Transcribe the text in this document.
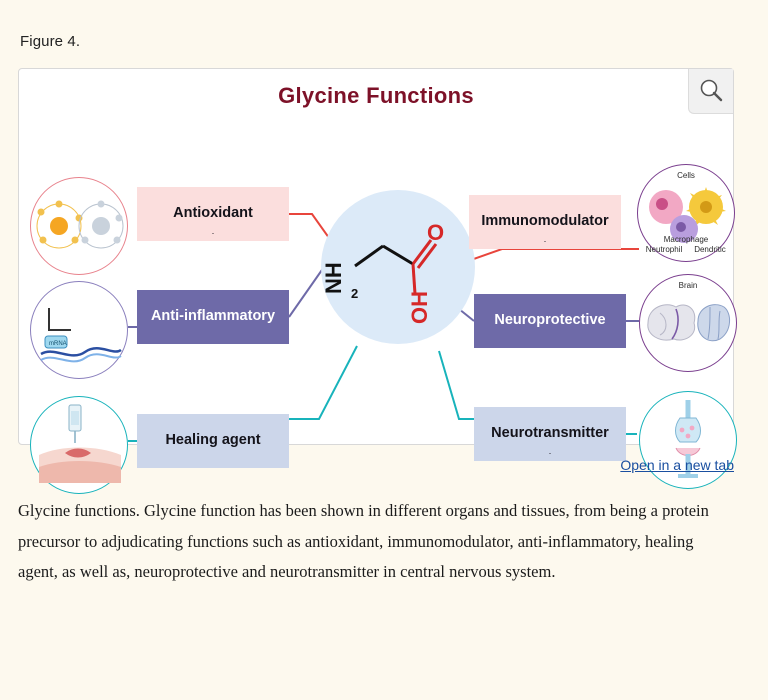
Figure 4.
Glycine Functions
NH 2
O
OH
Antioxidant
.
Immunomodulator
.
Anti-inflammatory	Neuroprotective
Healing agent	Neurotransmitter
.
mRNA
Cells
Macrophage
Neutrophil	Dendritic
Brain
Open in a new tab
Glycine functions. Glycine function has been shown in different organs and tissues, from being a protein precursor to adjudicating functions such as antioxidant, immunomodulator, anti-inflammatory, healing agent, as well as, neuroprotective and neurotransmitter in central nervous system.
